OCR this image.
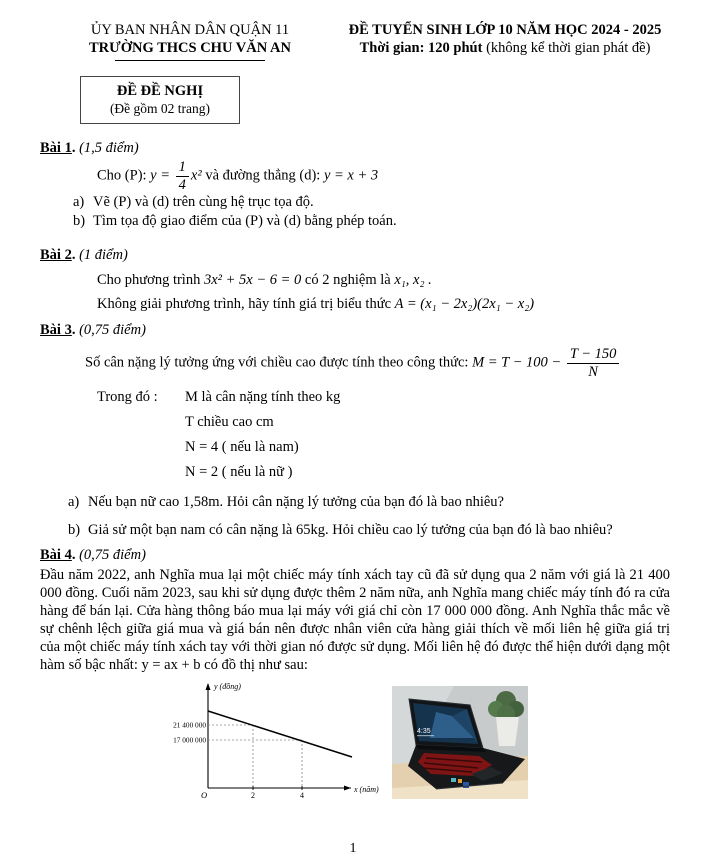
ỦY BAN NHÂN DÂN QUẬN 11
TRƯỜNG THCS CHU VĂN AN
ĐỀ TUYỂN SINH LỚP 10 NĂM HỌC 2024 - 2025
Thời gian: 120 phút (không kể thời gian phát đề)
ĐỀ ĐỀ NGHỊ
(Đề gồm 02 trang)
Bài 1. (1,5 điểm)
Cho (P): $y = \frac{1}{4} x^2$ và đường thẳng (d): y = x + 3
a) Vẽ (P) và (d) trên cùng hệ trục tọa độ.
b) Tìm tọa độ giao điểm của (P) và (d) bằng phép toán.
Bài 2. (1 điểm)
Cho phương trình 3x² + 5x − 6 = 0 có 2 nghiệm là x₁, x₂ .
Không giải phương trình, hãy tính giá trị biểu thức A = (x₁ − 2x₂)(2x₁ − x₂)
Bài 3. (0,75 điểm)
Số cân nặng lý tưởng ứng với chiều cao được tính theo công thức: $M = T - 100 - \frac{T - 150}{N}$
Trong đó :	M là cân nặng tính theo kg
T chiều cao cm
N = 4 ( nếu là nam)
N = 2 ( nếu là nữ )
a) Nếu bạn nữ cao 1,58m. Hỏi cân nặng lý tưởng của bạn đó là bao nhiêu?
b) Giả sử một bạn nam có cân nặng là 65kg. Hỏi chiều cao lý tưởng của bạn đó là bao nhiêu?
Bài 4. (0,75 điểm)
Đầu năm 2022, anh Nghĩa mua lại một chiếc máy tính xách tay cũ đã sử dụng qua 2 năm với giá là 21 400 000 đồng. Cuối năm 2023, sau khi sử dụng được thêm 2 năm nữa, anh Nghĩa mang chiếc máy tính đó ra cửa hàng để bán lại. Cửa hàng thông báo mua lại máy với giá chỉ còn 17 000 000 đồng. Anh Nghĩa thắc mắc về sự chênh lệch giữa giá mua và giá bán nên được nhân viên cửa hàng giải thích về mối liên hệ giữa giá trị của một chiếc máy tính xách tay với thời gian nó được sử dụng. Mối liên hệ đó được thể hiện dưới dạng một hàm số bậc nhất: y = ax + b có đồ thị như sau:
y (đồng)
21 400 000
17 000 000
O	2	4
x (năm)
4:35
1
